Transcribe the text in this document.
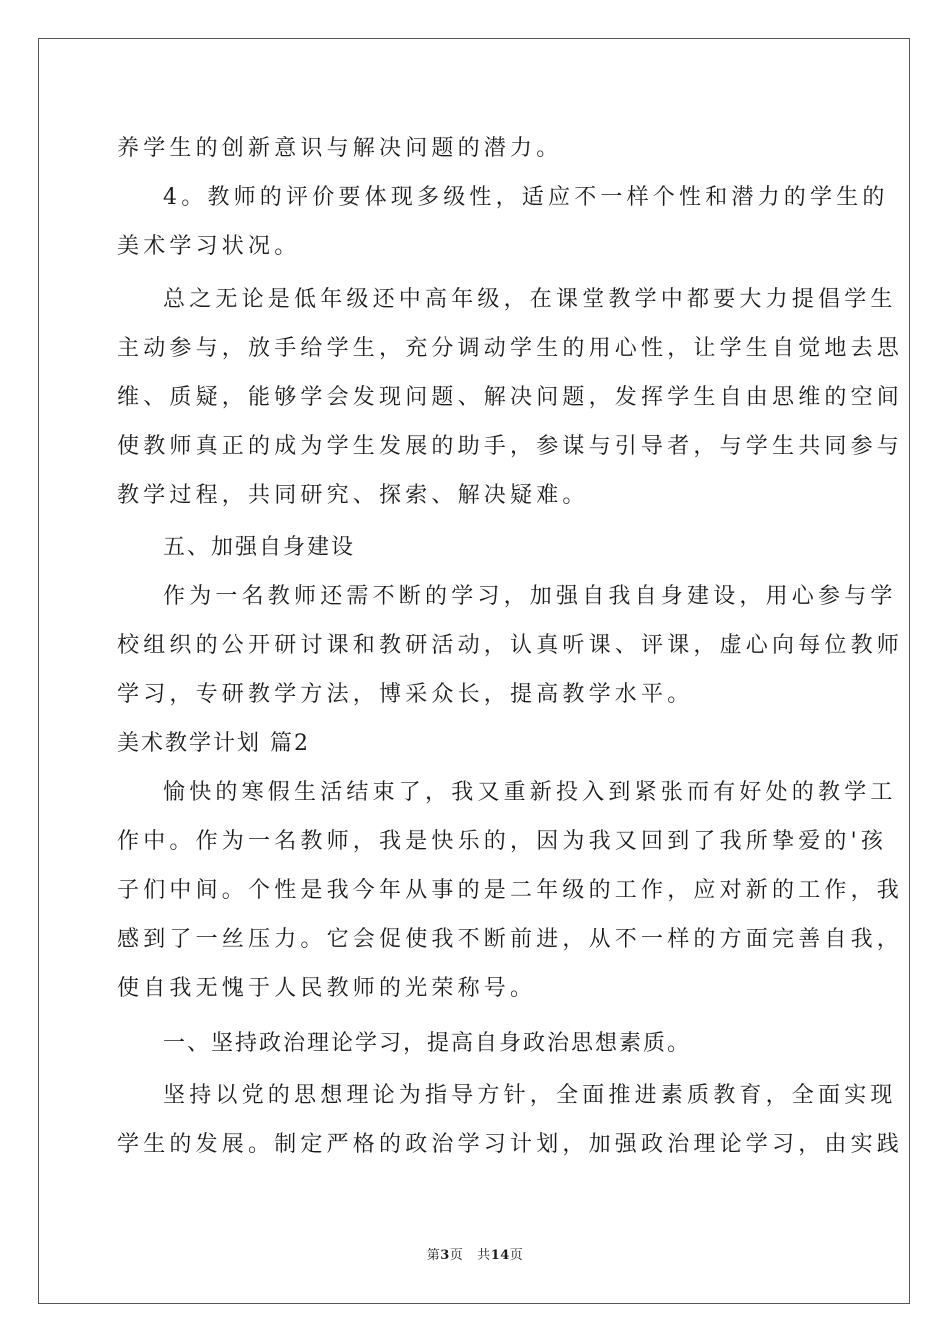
养学生的创新意识与解决问题的潜力。
4。教师的评价要体现多级性，适应不一样个性和潜力的学生的
美术学习状况。
总之无论是低年级还中高年级，在课堂教学中都要大力提倡学生
主动参与，放手给学生，充分调动学生的用心性，让学生自觉地去思
维、质疑，能够学会发现问题、解决问题，发挥学生自由思维的空间
使教师真正的成为学生发展的助手，参谋与引导者，与学生共同参与
教学过程，共同研究、探索、解决疑难。
五、加强自身建设
作为一名教师还需不断的学习，加强自我自身建设，用心参与学
校组织的公开研讨课和教研活动，认真听课、评课，虚心向每位教师
学习，专研教学方法，博采众长，提高教学水平。
美术教学计划 篇2
愉快的寒假生活结束了，我又重新投入到紧张而有好处的教学工
作中。作为一名教师，我是快乐的，因为我又回到了我所挚爱的'孩
子们中间。个性是我今年从事的是二年级的工作，应对新的工作，我
感到了一丝压力。它会促使我不断前进，从不一样的方面完善自我，
使自我无愧于人民教师的光荣称号。
一、坚持政治理论学习，提高自身政治思想素质。
坚持以党的思想理论为指导方针，全面推进素质教育，全面实现
学生的发展。制定严格的政治学习计划，加强政治理论学习，由实践
第3页 共14页
